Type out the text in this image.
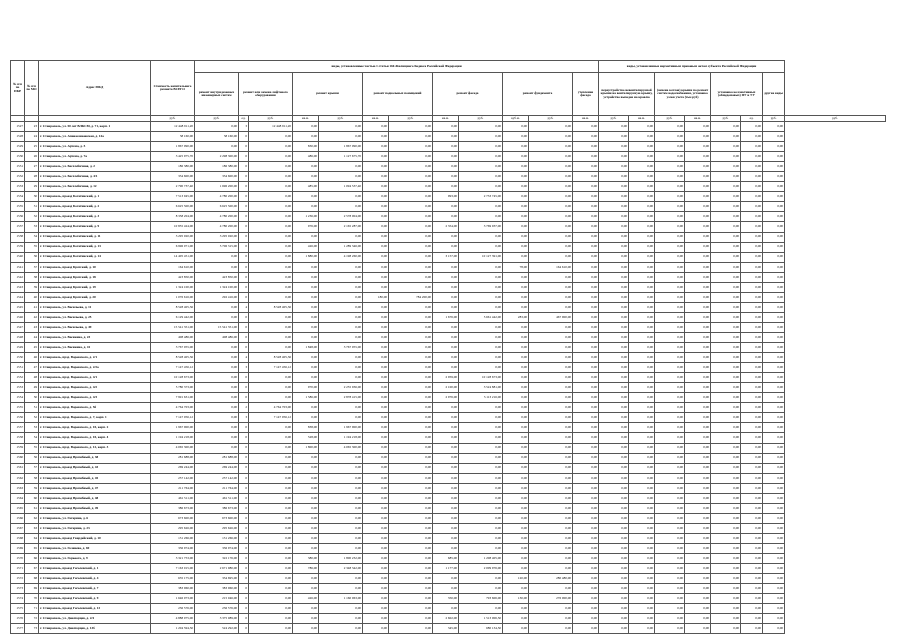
№ п/п по ПКР	№ п/п по МО	Адрес МКД	Стоимость капитального ремонта ВСЕГО	виды, установленные частью 1 статьи 166 Жилищного Кодекса Российской Федерации												виды, установленные нормативным правовым актом субъекта Российской Федерации							
				ремонт внутридомовых инженерных систем	ремонт или замена лифтового оборудования		ремонт крыши		ремонт подвальных помещений		ремонт фасада		ремонт фундамента		утепление фасада	переустройство невентилируемой крыши на вентилируемую крышу, устройство выходов на кровлю		(замена котлов) крыши по ремонт систем водоснабжения, установка узлов учета (тыс.руб)		установка коллективных (общедомовых) ПУ и УУ		другие виды	
			руб.	руб.	ед.	руб.	кв.м.	руб.	кв.м.	руб.	кв.м.	руб.	куб.м.	руб.	кв.м.	руб.	кв.м.	руб.	кв.м.	руб.	ед.	руб.	руб.
1527	23	г. Ставрополь, ул. 50 лет ВЛКСМ, д. 71, корп. 1	12 448 911,20	0,00	3	12 448 911,20	0,00	0,00	0,00	0,00	0,00	0,00	0,00	0,00	0,00	0,00	0,00	0,00	0,00	0,00	0,00	0,00	
1528	24	г. Ставрополь, ул. Апанасенковская, д. 14а	58 160,00	58 160,00	0	0,00	0,00	0,00	0,00	0,00	0,00	0,00	0,00	0,00	0,00	0,00	0,00	0,00	0,00	0,00	0,00	0,00	
1529	25	г. Ставрополь, ул. Артема, д. 5	1 867 090,00	0,00	0	0,00	830,00	1 867 090,00	0,00	0,00	0,00	0,00	0,00	0,00	0,00	0,00	0,00	0,00	0,00	0,00	0,00	0,00	
1530	26	г. Ставрополь, ул. Артема, д. 7а	3 425 975,70	2 298 300,00	0	0,00	486,00	1 127 675,70	0,00	0,00	0,00	0,00	0,00	0,00	0,00	0,00	0,00	0,00	0,00	0,00	0,00	0,00	
1531	27	г. Ставрополь, ул. Бесхлебичная, д. 2	186 380,00	186 380,00	0	0,00	0,00	0,00	0,00	0,00	0,00	0,00	0,00	0,00	0,00	0,00	0,00	0,00	0,00	0,00	0,00	0,00	
1532	28	г. Ставрополь, ул. Бесхлебичная, д. 4/1	334 600,00	334 600,00	0	0,00	0,00	0,00	0,00	0,00	0,00	0,00	0,00	0,00	0,00	0,00	0,00	0,00	0,00	0,00	0,00	0,00	
1533	29	г. Ставрополь, ул. Бесхлебичная, д. 12	2 790 737,40	1 696 200,00	0	0,00	485,00	1 094 537,40	0,00	0,00	0,00	0,00	0,00	0,00	0,00	0,00	0,00	0,00	0,00	0,00	0,00	0,00	
1534	30	г. Ставрополь, проезд Богатинский, д. 1	7 513 945,00	4 780 200,00	0	0,00	0,00	0,00	0,00	0,00	993,00	2 733 745,00	0,00	0,00	0,00	0,00	0,00	0,00	0,00	0,00	0,00	0,00	
1535	31	г. Ставрополь, проезд Богатинский, д. 2	6 625 500,00	6 625 500,00	0	0,00	0,00	0,00	0,00	0,00	0,00	0,00	0,00	0,00	0,00	0,00	0,00	0,00	0,00	0,00	0,00	0,00	
1536	32	г. Ставрополь, проезд Богатинский, д. 3	8 358 204,00	4 780 200,00	0	0,00	1 236,00	2 578 004,00	0,00	0,00	0,00	0,00	0,00	0,00	0,00	0,00	0,00	0,00	0,00	0,00	0,00	0,00	
1537	33	г. Ставрополь, проезд Богатинский, д. 9	10 855 424,00	4 780 200,00	0	0,00	976,00	2 165 287,00	0,00	0,00	2 354,00	3 769 937,00	0,00	0,00	0,00	0,00	0,00	0,00	0,00	0,00	0,00	0,00	
1538	34	г. Ставрополь, проезд Богатинский, д. 11	3 295 020,00	3 295 020,00	0	0,00	0,00	0,00	0,00	0,00	0,00	0,00	0,00	0,00	0,00	0,00	0,00	0,00	0,00	0,00	0,00	0,00	
1539	35	г. Ставрополь, проезд Богатинский, д. 13	6 996 071,00	5 706 315,00	0	0,00	426,00	1 289 346,00	0,00	0,00	0,00	0,00	0,00	0,00	0,00	0,00	0,00	0,00	0,00	0,00	0,00	0,00	
1540	36	г. Ставрополь, проезд Богатинский, д. 14	14 405 451,00	0,00	0	0,00	1 880,00	4 198 260,00	0,00	0,00	3 157,00	10 127 391,00	0,00	0,00	0,00	0,00	0,00	0,00	0,00	0,00	0,00	0,00	
1541	37	г. Ставрополь, проезд Братский, д. 10	164 610,00	0,00	0	0,00	0,00	0,00	0,00	0,00	0,00	0,00	78,00	164 610,00	0,00	0,00	0,00	0,00	0,00	0,00	0,00	0,00	
1542	38	г. Ставрополь, проезд Братский, д. 18	423 850,00	423 850,00	0	0,00	0,00	0,00	0,00	0,00	0,00	0,00	0,00	0,00	0,00	0,00	0,00	0,00	0,00	0,00	0,00	0,00	
1543	39	г. Ставрополь, проезд Братский, д. 19	1 324 100,00	1 324 100,00	0	0,00	0,00	0,00	0,00	0,00	0,00	0,00	0,00	0,00	0,00	0,00	0,00	0,00	0,00	0,00	0,00	0,00	
1544	40	г. Ставрополь, проезд Братский, д. 20	1 076 616,00	292 416,00	0	0,00	0,00	0,00	180,00	784 200,00	0,00	0,00	0,00	0,00	0,00	0,00	0,00	0,00	0,00	0,00	0,00	0,00	
1545	41	г. Ставрополь, ул. Васильева, д. 11	8 528 405,36	0,00	4	8 528 405,36	0,00	0,00	0,00	0,00	0,00	0,00	0,00	0,00	0,00	0,00	0,00	0,00	0,00	0,00	0,00	0,00	
1546	42	г. Ставрополь, ул. Васильева, д. 25	6 129 442,00	0,00	0	0,00	0,00	0,00	0,00	0,00	1 676,00	5 661 442,00	283,00	467 900,00	0,00	0,00	0,00	0,00	0,00	0,00	0,00	0,00	
1547	43	г. Ставрополь, ул. Васильева, д. 49	15 541 351,00	15 541 351,00	0	0,00	0,00	0,00	0,00	0,00	0,00	0,00	0,00	0,00	0,00	0,00	0,00	0,00	0,00	0,00	0,00	0,00	
1548	44	г. Ставрополь, ул. Васякина, д. 23	408 486,00	408 486,00	0	0,00	0,00	0,00	0,00	0,00	0,00	0,00	0,00	0,00	0,00	0,00	0,00	0,00	0,00	0,00	0,00	0,00	
1549	45	г. Ставрополь, ул. Васякина, д. 41	3 767 055,00	0,00	0	0,00	1 848,00	3 767 055,00	0,00	0,00	0,00	0,00	0,00	0,00	0,00	0,00	0,00	0,00	0,00	0,00	0,00	0,00	
1550	46	г. Ставрополь, прзд. Воровского, д. 2/1	8 528 405,36	0,00	4	8 528 405,36	0,00	0,00	0,00	0,00	0,00	0,00	0,00	0,00	0,00	0,00	0,00	0,00	0,00	0,00	0,00	0,00	
1551	47	г. Ставрополь, прзд. Воровского, д. 2/2а	7 147 456,12	0,00	3	7 147 456,12	0,00	0,00	0,00	0,00	0,00	0,00	0,00	0,00	0,00	0,00	0,00	0,00	0,00	0,00	0,00	0,00	
1552	48	г. Ставрополь, прзд. Воровского, д. 4/1	10 128 673,00	0,00	0	0,00	0,00	0,00	0,00	0,00	2 959,00	10 128 673,00	0,00	0,00	0,00	0,00	0,00	0,00	0,00	0,00	0,00	0,00	
1553	49	г. Ставрополь, прзд. Воровского, д. 4/2	5 780 373,00	0,00	0	0,00	970,00	2 255 936,00	0,00	0,00	2 100,00	3 524 881,00	0,00	0,00	0,00	0,00	0,00	0,00	0,00	0,00	0,00	0,00	
1554	50	г. Ставрополь, прзд. Воровского, д. 4/3	7 991 631,00	0,00	0	0,00	1 586,00	2 878 415,00	0,00	0,00	2 976,00	5 113 216,00	0,00	0,00	0,00	0,00	0,00	0,00	0,00	0,00	0,00	0,00	
1555	51	г. Ставрополь, прзд. Воровского, д. 5б	4 764 703,00	0,00	2	4 764 703,00	0,00	0,00	0,00	0,00	0,00	0,00	0,00	0,00	0,00	0,00	0,00	0,00	0,00	0,00	0,00	0,00	
1556	52	г. Ставрополь, прзд. Воровского, д. 7, корп. 1	7 147 056,12	0,00	3	7 147 056,12	0,00	0,00	0,00	0,00	0,00	0,00	0,00	0,00	0,00	0,00	0,00	0,00	0,00	0,00	0,00	0,00	
1557	53	г. Ставрополь, прзд. Воровского, д. 10, корп. 2	1 967 900,00	0,00	0	0,00	838,00	1 967 900,00	0,00	0,00	0,00	0,00	0,00	0,00	0,00	0,00	0,00	0,00	0,00	0,00	0,00	0,00	
1558	54	г. Ставрополь, прзд. Воровского, д. 10, корп. 4	1 194 218,00	0,00	0	0,00	528,00	1 194 218,00	0,00	0,00	0,00	0,00	0,00	0,00	0,00	0,00	0,00	0,00	0,00	0,00	0,00	0,00	
1559	55	г. Ставрополь, прзд. Воровского, д. 12, корп. 3	4 065 300,00	0,00	0	0,00	1 800,00	4 065 300,00	0,00	0,00	0,00	0,00	0,00	0,00	0,00	0,00	0,00	0,00	0,00	0,00	0,00	0,00	
1560	56	г. Ставрополь, проезд Врачебный, д. 38	281 688,00	281 688,00	0	0,00	0,00	0,00	0,00	0,00	0,00	0,00	0,00	0,00	0,00	0,00	0,00	0,00	0,00	0,00	0,00	0,00	
1561	57	г. Ставрополь, проезд Врачебный, д. 43	269 244,00	269 244,00	0	0,00	0,00	0,00	0,00	0,00	0,00	0,00	0,00	0,00	0,00	0,00	0,00	0,00	0,00	0,00	0,00	0,00	
1562	58	г. Ставрополь, проезд Врачебный, д. 45	257 142,00	257 142,00	0	0,00	0,00	0,00	0,00	0,00	0,00	0,00	0,00	0,00	0,00	0,00	0,00	0,00	0,00	0,00	0,00	0,00	
1563	59	г. Ставрополь, проезд Врачебный, д. 47	211 764,00	211 764,00	0	0,00	0,00	0,00	0,00	0,00	0,00	0,00	0,00	0,00	0,00	0,00	0,00	0,00	0,00	0,00	0,00	0,00	
1564	60	г. Ставрополь, проезд Врачебный, д. 48	461 511,00	461 511,00	0	0,00	0,00	0,00	0,00	0,00	0,00	0,00	0,00	0,00	0,00	0,00	0,00	0,00	0,00	0,00	0,00	0,00	
1565	61	г. Ставрополь, проезд Врачебный, д. 49	386 673,00	386 673,00	0	0,00	0,00	0,00	0,00	0,00	0,00	0,00	0,00	0,00	0,00	0,00	0,00	0,00	0,00	0,00	0,00	0,00	
1566	62	г. Ставрополь, ул. Гагарина, д. 6	673 600,00	673 600,00	0	0,00	0,00	0,00	0,00	0,00	0,00	0,00	0,00	0,00	0,00	0,00	0,00	0,00	0,00	0,00	0,00	0,00	
1567	63	г. Ставрополь, ул. Гагарина, д. 23	295 626,00	295 626,00	0	0,00	0,00	0,00	0,00	0,00	0,00	0,00	0,00	0,00	0,00	0,00	0,00	0,00	0,00	0,00	0,00	0,00	
1568	64	г. Ставрополь, проезд Гвардейский, д. 10	131 266,00	131 266,00	0	0,00	0,00	0,00	0,00	0,00	0,00	0,00	0,00	0,00	0,00	0,00	0,00	0,00	0,00	0,00	0,00	0,00	
1569	65	г. Ставрополь, ул. Голенева, д. 69	336 974,00	336 974,00	0	0,00	0,00	0,00	0,00	0,00	0,00	0,00	0,00	0,00	0,00	0,00	0,00	0,00	0,00	0,00	0,00	0,00	
1570	66	г. Ставрополь, ул. Горького, д. 9	3 321 753,00	322 176,00	0	0,00	380,00	1 800 232,00	0,00	0,00	685,00	1 208 405,00	0,00	0,00	0,00	0,00	0,00	0,00	0,00	0,00	0,00	0,00	
1571	67	г. Ставрополь, проезд Гоголевский, д. 1	7 163 015,00	2 671 980,00	0	0,00	786,00	2 348 342,00	0,00	0,00	1 177,00	2 009 976,00	0,00	0,00	0,00	0,00	0,00	0,00	0,00	0,00	0,00	0,00	
1572	68	г. Ставрополь, проезд Гоголевский, д. 4	635 175,00	334 695,00	0	0,00	0,00	0,00	0,00	0,00	0,00	0,00	120,00	280 480,00	0,00	0,00	0,00	0,00	0,00	0,00	0,00	0,00	
1573	69	г. Ставрополь, проезд Гоголевский, д. 7	383 960,00	383 960,00	0	0,00	0,00	0,00	0,00	0,00	0,00	0,00	0,00	0,00	0,00	0,00	0,00	0,00	0,00	0,00	0,00	0,00	
1574	70	г. Ставрополь, проезд Гоголевский, д. 9	1 646 073,00	215 046,00	0	0,00	426,00	1 160 063,00	0,00	0,00	350,00	793 606,00	130,00	276 000,00	0,00	0,00	0,00	0,00	0,00	0,00	0,00	0,00	
1575	71	г. Ставрополь, проезд Гоголевский, д. 13	236 576,00	236 576,00	0	0,00	0,00	0,00	0,00	0,00	0,00	0,00	0,00	0,00	0,00	0,00	0,00	0,00	0,00	0,00	0,00	0,00	
1576	72	г. Ставрополь, ул. Доваторцев, д. 2/4	4 888 075,00	3 375 089,00	0	0,00	0,00	0,00	0,00	0,00	2 602,00	1 513 006,50	0,00	0,00	0,00	0,00	0,00	0,00	0,00	0,00	0,00	0,00	
1577	73	г. Ставрополь, ул. Доваторцев, д. 13б	1 204 594,50	524 292,00	0	0,00	0,00	0,00	0,00	0,00	345,00	680 134,50	0,00	0,00	0,00	0,00	0,00	0,00	0,00	0,00	0,00	0,00	
